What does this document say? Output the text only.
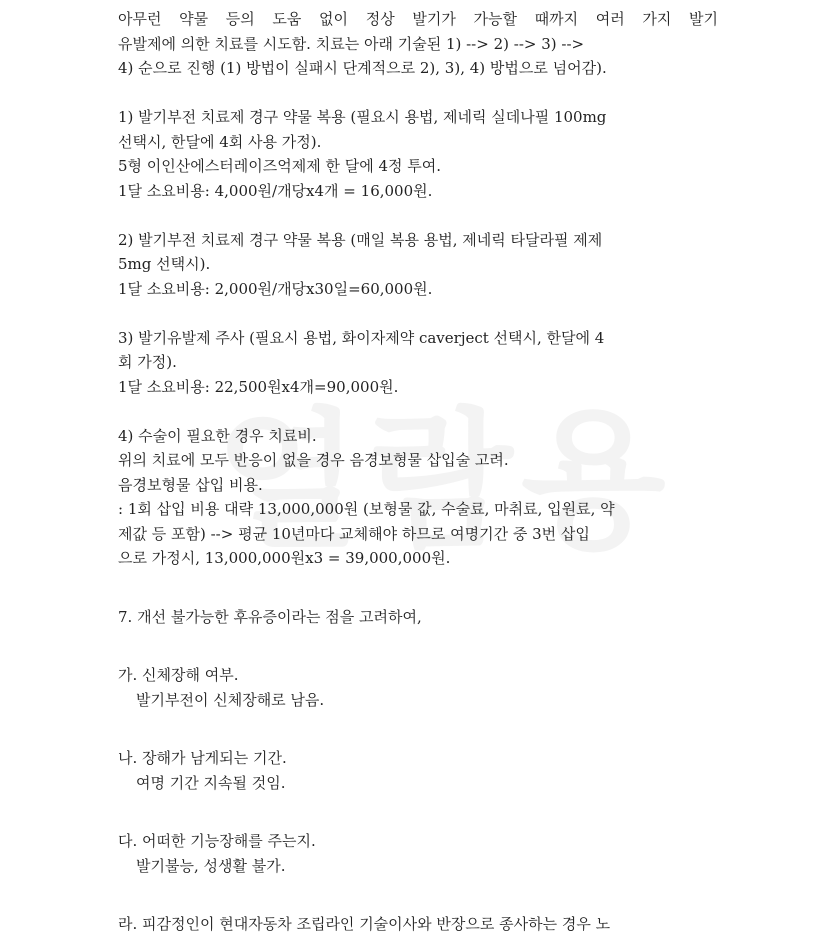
아무런 약물 등의 도움 없이 정상 발기가 가능할 때까지 여러 가지 발기
유발제에 의한 치료를 시도함. 치료는 아래 기술된 1) --> 2) --> 3) -->
4) 순으로 진행 (1) 방법이 실패시 단계적으로 2), 3), 4) 방법으로 넘어감).
1) 발기부전 치료제 경구 약물 복용 (필요시 용법, 제네릭 실데나필 100mg
선택시, 한달에 4회 사용 가정).
5형 이인산에스터레이즈억제제 한 달에 4정 투여.
1달 소요비용: 4,000원/개당x4개 = 16,000원.
2) 발기부전 치료제 경구 약물 복용 (매일 복용 용법, 제네릭 타달라필 제제
5mg 선택시).
1달 소요비용: 2,000원/개당x30일=60,000원.
3) 발기유발제 주사 (필요시 용법, 화이자제약 caverject 선택시, 한달에 4
회 가정).
1달 소요비용: 22,500원x4개=90,000원.
4) 수술이 필요한 경우 치료비.
위의 치료에 모두 반응이 없을 경우 음경보형물 삽입술 고려.
음경보형물 삽입 비용.
: 1회 삽입 비용 대략 13,000,000원 (보형물 값, 수술료, 마취료, 입원료, 약
제값 등 포함) --> 평균 10년마다 교체해야 하므로 여명기간 중 3번 삽입
으로 가정시, 13,000,000원x3 = 39,000,000원.
7. 개선 불가능한 후유증이라는 점을 고려하여,
가. 신체장해 여부.
발기부전이 신체장해로 남음.
나. 장해가 남게되는 기간.
여명 기간 지속될 것임.
다. 어떠한 기능장해를 주는지.
발기불능, 성생활 불가.
라. 피감정인이 현대자동차 조립라인 기술이사와 반장으로 종사하는 경우 노
